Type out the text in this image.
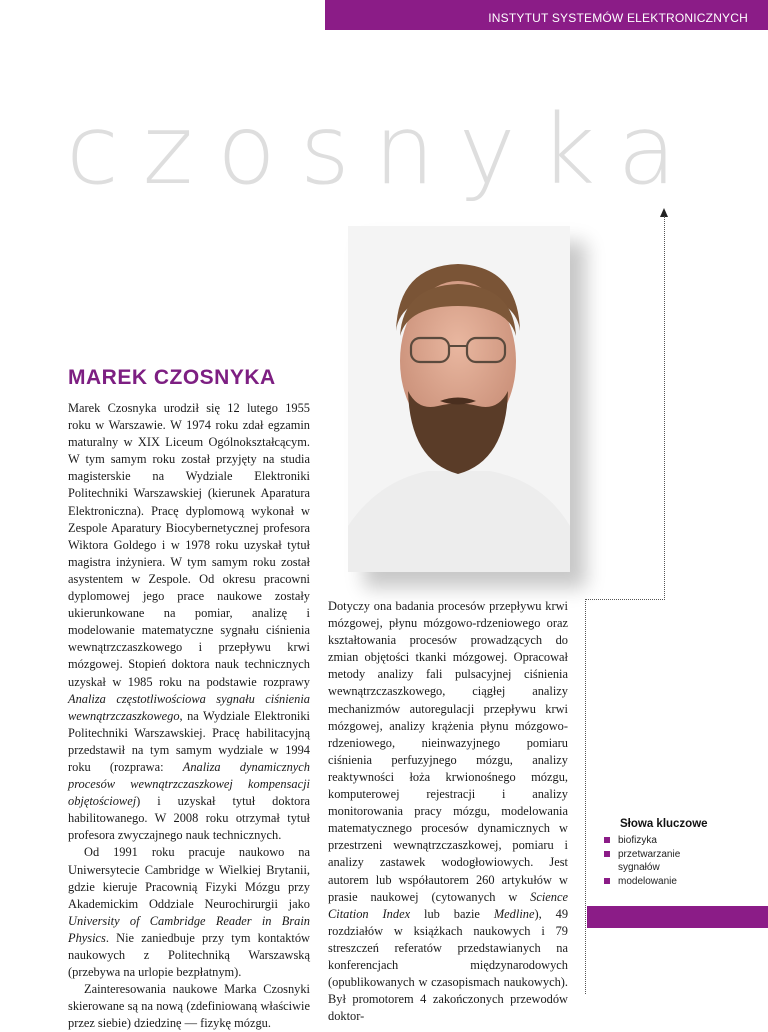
INSTYTUT SYSTEMÓW ELEKTRONICZNYCH
czosnyka
MAREK CZOSNYKA

Marek Czosnyka urodził się 12 lutego 1955 roku w Warszawie. W 1974 roku zdał egzamin maturalny w XIX Liceum Ogólnokształcącym. W tym samym roku został przyjęty na studia magisterskie na Wydziale Elektroniki Politechniki Warszawskiej (kierunek Aparatura Elektroniczna). Pracę dyplomową wykonał w Zespole Aparatury Biocybernetycznej profesora Wiktora Goldego i w 1978 roku uzyskał tytuł magistra inżyniera. W tym samym roku został asystentem w Zespole. Od okresu pracowni dyplomowej jego prace naukowe zostały ukierunkowane na pomiar, analizę i modelowanie matematyczne sygnału ciśnienia wewnątrzczaszkowego i przepływu krwi mózgowej. Stopień doktora nauk technicznych uzyskał w 1985 roku na podstawie rozprawy Analiza częstotliwościowa sygnału ciśnienia wewnątrzczaszkowego, na Wydziale Elektroniki Politechniki Warszawskiej. Pracę habilitacyjną przedstawił na tym samym wydziale w 1994 roku (rozprawa: Analiza dynamicznych procesów wewnątrzczaszkowej kompensacji objętościowej) i uzyskał tytuł doktora habilitowanego. W 2008 roku otrzymał tytuł profesora zwyczajnego nauk technicznych.

Od 1991 roku pracuje naukowo na Uniwersytecie Cambridge w Wielkiej Brytanii, gdzie kieruje Pracownią Fizyki Mózgu przy Akademickim Oddziale Neurochirurgii jako University of Cambridge Reader in Brain Physics. Nie zaniedbuje przy tym kontaktów naukowych z Politechniką Warszawską (przebywa na urlopie bezpłatnym).

Zainteresowania naukowe Marka Czosnyki skierowane są na nową (zdefiniowaną właściwie przez siebie) dziedzinę — fizykę mózgu.

Dotyczy ona badania procesów przepływu krwi mózgowej, płynu mózgowo-rdzeniowego oraz kształtowania procesów prowadzących do zmian objętości tkanki mózgowej. Opracował metody analizy fali pulsacyjnej ciśnienia wewnątrzczaszkowego, ciągłej analizy mechanizmów autoregulacji przepływu krwi mózgowej, analizy krążenia płynu mózgowo-rdzeniowego, nieinwazyjnego pomiaru ciśnienia perfuzyjnego mózgu, analizy reaktywności łoża krwionośnego mózgu, komputerowej rejestracji i analizy monitorowania pracy mózgu, modelowania matematycznego procesów dynamicznych w przestrzeni wewnątrzczaszkowej, pomiaru i analizy zastawek wodogłowiowych. Jest autorem lub współautorem 260 artykułów w prasie naukowej (cytowanych w Science Citation Index lub bazie Medline), 49 rozdziałów w książkach naukowych i 79 streszczeń referatów przedstawianych na konferencjach międzynarodowych (opublikowanych w czasopismach naukowych). Był promotorem 4 zakończonych przewodów doktor-

Słowa kluczowe
biofizyka
przetwarzanie sygnałów
modelowanie
